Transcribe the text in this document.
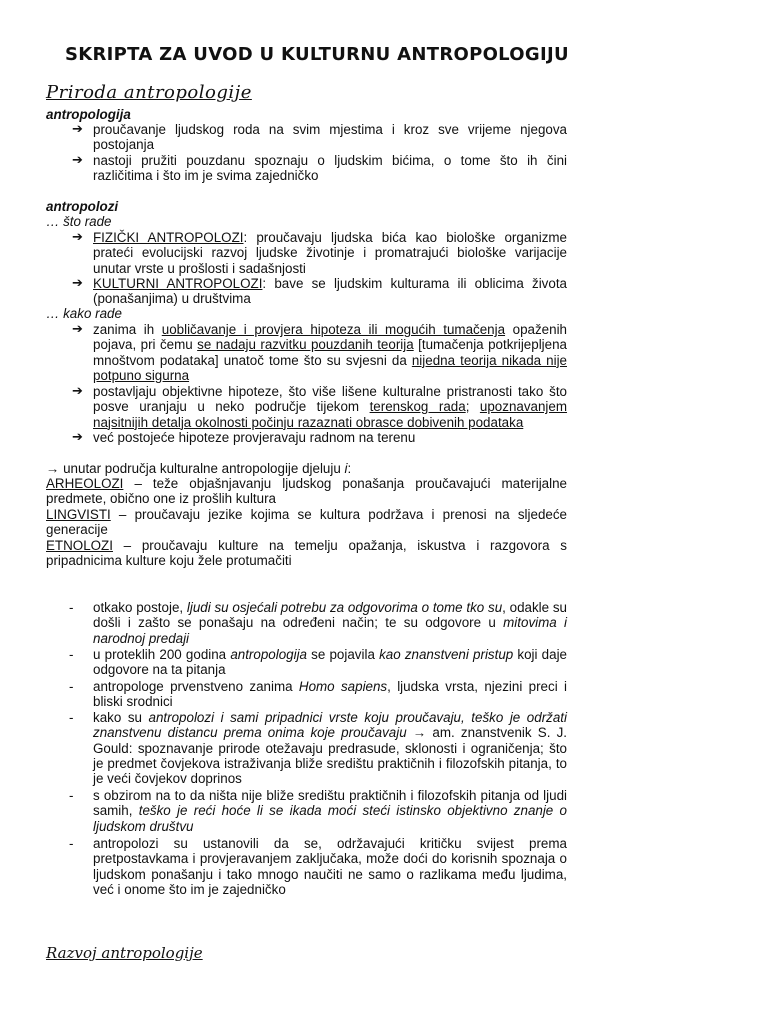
SKRIPTA ZA UVOD U KULTURNU ANTROPOLOGIJU
Priroda antropologije
antropologija
➔ proučavanje ljudskog roda na svim mjestima i kroz sve vrijeme njegova postojanja
➔ nastoji pružiti pouzdanu spoznaju o ljudskim bićima, o tome što ih čini različitima i što im je svima zajedničko
antropolozi
… što rade
➔ FIZIČKI ANTROPOLOZI: proučavaju ljudska bića kao biološke organizme prateći evolucijski razvoj ljudske životinje i promatrajući biološke varijacije unutar vrste u prošlosti i sadašnjosti
➔ KULTURNI ANTROPOLOZI: bave se ljudskim kulturama ili oblicima života (ponašanjima) u društvima
… kako rade
➔ zanima ih uobličavanje i provjera hipoteza ili mogućih tumačenja opaženih pojava, pri čemu se nadaju razvitku pouzdanih teorija [tumačenja potkrijepljena mnoštvom podataka] unatoč tome što su svjesni da nijedna teorija nikada nije potpuno sigurna
➔ postavljaju objektivne hipoteze, što više lišene kulturalne pristranosti tako što posve uranjaju u neko područje tijekom terenskog rada; upoznavanjem najsitnijih detalja okolnosti počinju razaznati obrasce dobivenih podataka
➔ već postojeće hipoteze provjeravaju radnom na terenu
→ unutar područja kulturalne antropologije djeluju i:
ARHEOLOZI – teže objašnjavanju ljudskog ponašanja proučavajući materijalne predmete, obično one iz prošlih kultura
LINGVISTI – proučavaju jezike kojima se kultura podržava i prenosi na sljedeće generacije
ETNOLOZI – proučavaju kulture na temelju opažanja, iskustva i razgovora s pripadnicima kulture koju žele protumačiti
- otkako postoje, ljudi su osjećali potrebu za odgovorima o tome tko su, odakle su došli i zašto se ponašaju na određeni način; te su odgovore u mitovima i narodnoj predaji
- u proteklih 200 godina antropologija se pojavila kao znanstveni pristup koji daje odgovore na ta pitanja
- antropologe prvenstveno zanima Homo sapiens, ljudska vrsta, njezini preci i bliski srodnici
- kako su antropolozi i sami pripadnici vrste koju proučavaju, teško je održati znanstvenu distancu prema onima koje proučavaju → am. znanstvenik S. J. Gould: spoznavanje prirode otežavaju predrasude, sklonosti i ograničenja; što je predmet čovjekova istraživanja bliže središtu praktičnih i filozofskih pitanja, to je veći čovjekov doprinos
- s obzirom na to da ništa nije bliže središtu praktičnih i filozofskih pitanja od ljudi samih, teško je reći hoće li se ikada moći steći istinsko objektivno znanje o ljudskom društvu
- antropolozi su ustanovili da se, održavajući kritičku svijest prema pretpostavkama i provjeravanjem zaključaka, može doći do korisnih spoznaja o ljudskom ponašanju i tako mnogo naučiti ne samo o razlikama među ljudima, već i onome što im je zajedničko
Razvoj antropologije
